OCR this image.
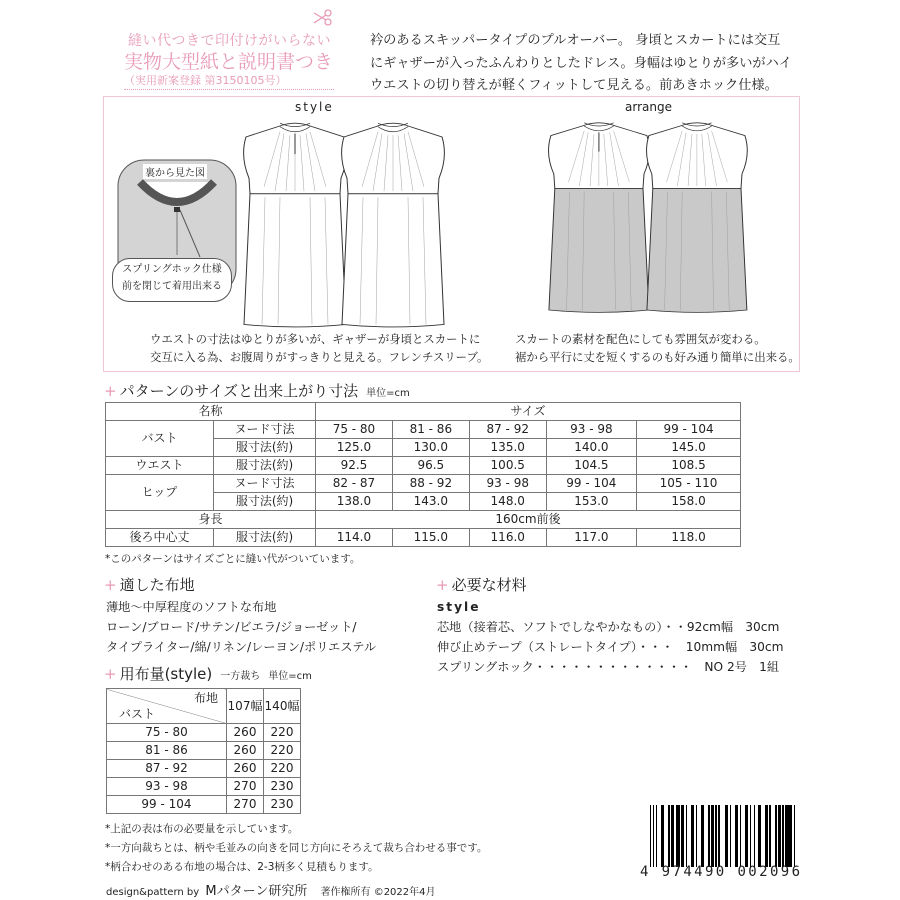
縫い代つきで印付けがいらない
実物大型紙と説明書つき
（実用新案登録 第3150105号）
衿のあるスキッパータイプのプルオーバー。 身頃とスカートには交互
にギャザーが入ったふんわりとしたドレス。身幅はゆとりが多いがハイ
ウエストの切り替えが軽くフィットして見える。前あきホック仕様。
style	arrange
裏から見た図
スプリングホック仕様
前を閉じて着用出来る
ウエストの寸法はゆとりが多いが、ギャザーが身頃とスカートに
交互に入る為、お腹周りがすっきりと見える。フレンチスリーブ。
スカートの素材を配色にしても雰囲気が変わる。
裾から平行に丈を短くするのも好み通り簡単に出来る。
+ パターンのサイズと出来上がり寸法 単位=cm
名称		サイズ				
バスト	ヌード寸法	75 - 80	81 - 86	87 - 92	93 - 98	99 - 104
	服寸法(約)	125.0	130.0	135.0	140.0	145.0
ウエスト	服寸法(約)	92.5	96.5	100.5	104.5	108.5
ヒップ	ヌード寸法	82 - 87	88 - 92	93 - 98	99 - 104	105 - 110
	服寸法(約)	138.0	143.0	148.0	153.0	158.0
身長		160cm前後				
後ろ中心丈	服寸法(約)	114.0	115.0	116.0	117.0	118.0
*このパターンはサイズごとに縫い代がついています。
+ 適した布地
薄地〜中厚程度のソフトな布地
ローン/ブロード/サテン/ビエラ/ジョーゼット/
タイプライター/綿/リネン/レーヨン/ポリエステル
+ 必要な材料
style
芯地（接着芯、ソフトでしなやかなもの）・・92cm幅　30cm
伸び止めテープ（ストレートタイプ）・・・　10mm幅　30cm
スプリングホック・・・・・・・・・・・・・　NO 2号　1組
+ 用布量(style) 一方裁ち 単位=cm
布地
バスト	107幅	140幅
75 - 80	260	220
81 - 86	260	220
87 - 92	260	220
93 - 98	270	230
99 - 104	270	230
*上記の表は布の必要量を示しています。
*一方向裁ちとは、柄や毛並みの向きを同じ方向にそろえて裁ち合わせる事です。
*柄合わせのある布地の場合は、2-3柄多く見積もります。
design&pattern by Mパターン研究所 著作権所有 ©2022年4月
4 974490 002096
